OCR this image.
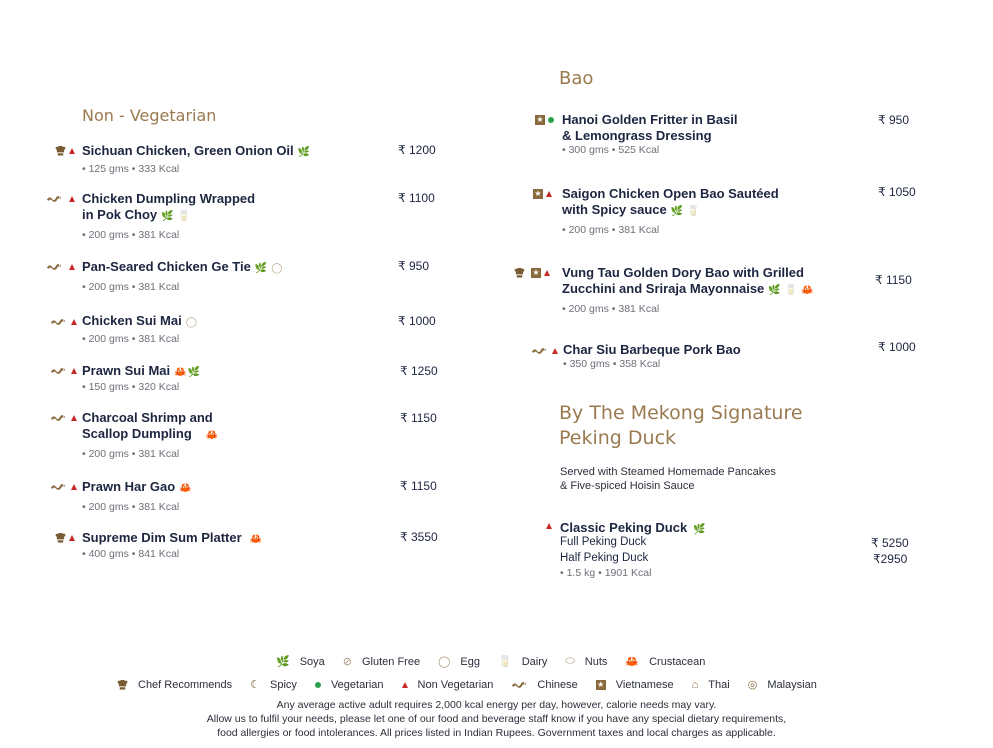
Non - Vegetarian
Bao
By The Mekong Signature
Peking Duck
Sichuan Chicken, Green Onion Oil 🌿
• 125 gms • 333 Kcal
₹ 1200
Chicken Dumpling Wrapped
in Pok Choy 🌿 🥛
• 200 gms • 381 Kcal
₹ 1100
Pan-Seared Chicken Ge Tie 🌿 ◯
• 200 gms • 381 Kcal
₹ 950
Chicken Sui Mai ◯
• 200 gms • 381 Kcal
₹ 1000
Prawn Sui Mai 🦀🌿
• 150 gms • 320 Kcal
₹ 1250
Charcoal Shrimp and
Scallop Dumpling 🦀
• 200 gms • 381 Kcal
₹ 1150
Prawn Har Gao 🦀
• 200 gms • 381 Kcal
₹ 1150
Supreme Dim Sum Platter 🦀
• 400 gms • 841 Kcal
₹ 3550
★ Hanoi Golden Fritter in Basil
& Lemongrass Dressing
• 300 gms • 525 Kcal
₹ 950
★ Saigon Chicken Open Bao Sautéed
with Spicy sauce 🌿 🥛
• 200 gms • 381 Kcal
₹ 1050
★ Vung Tau Golden Dory Bao with Grilled
Zucchini and Sriraja Mayonnaise 🌿 🥛 🦀
• 200 gms • 381 Kcal
₹ 1150
Char Siu Barbeque Pork Bao
• 350 gms • 358 Kcal
₹ 1000
Served with Steamed Homemade Pancakes
& Five-spiced Hoisin Sauce
Classic Peking Duck 🌿
Full Peking Duck	₹ 5250
Half Peking Duck	₹2950
• 1.5 kg • 1901 Kcal
🌿 Soya ⊘ Gluten Free ◯ Egg 🥛 Dairy ⬭ Nuts 🦀 Crustacean
Chef Recommends ☾ Spicy	Vegetarian	Non Vegetarian	Chinese ★ Vietnamese ⌂ Thai ◎ Malaysian
Any average active adult requires 2,000 kcal energy per day, however, calorie needs may vary.
Allow us to fulfil your needs, please let one of our food and beverage staff know if you have any special dietary requirements,
food allergies or food intolerances. All prices listed in Indian Rupees. Government taxes and local charges as applicable.
